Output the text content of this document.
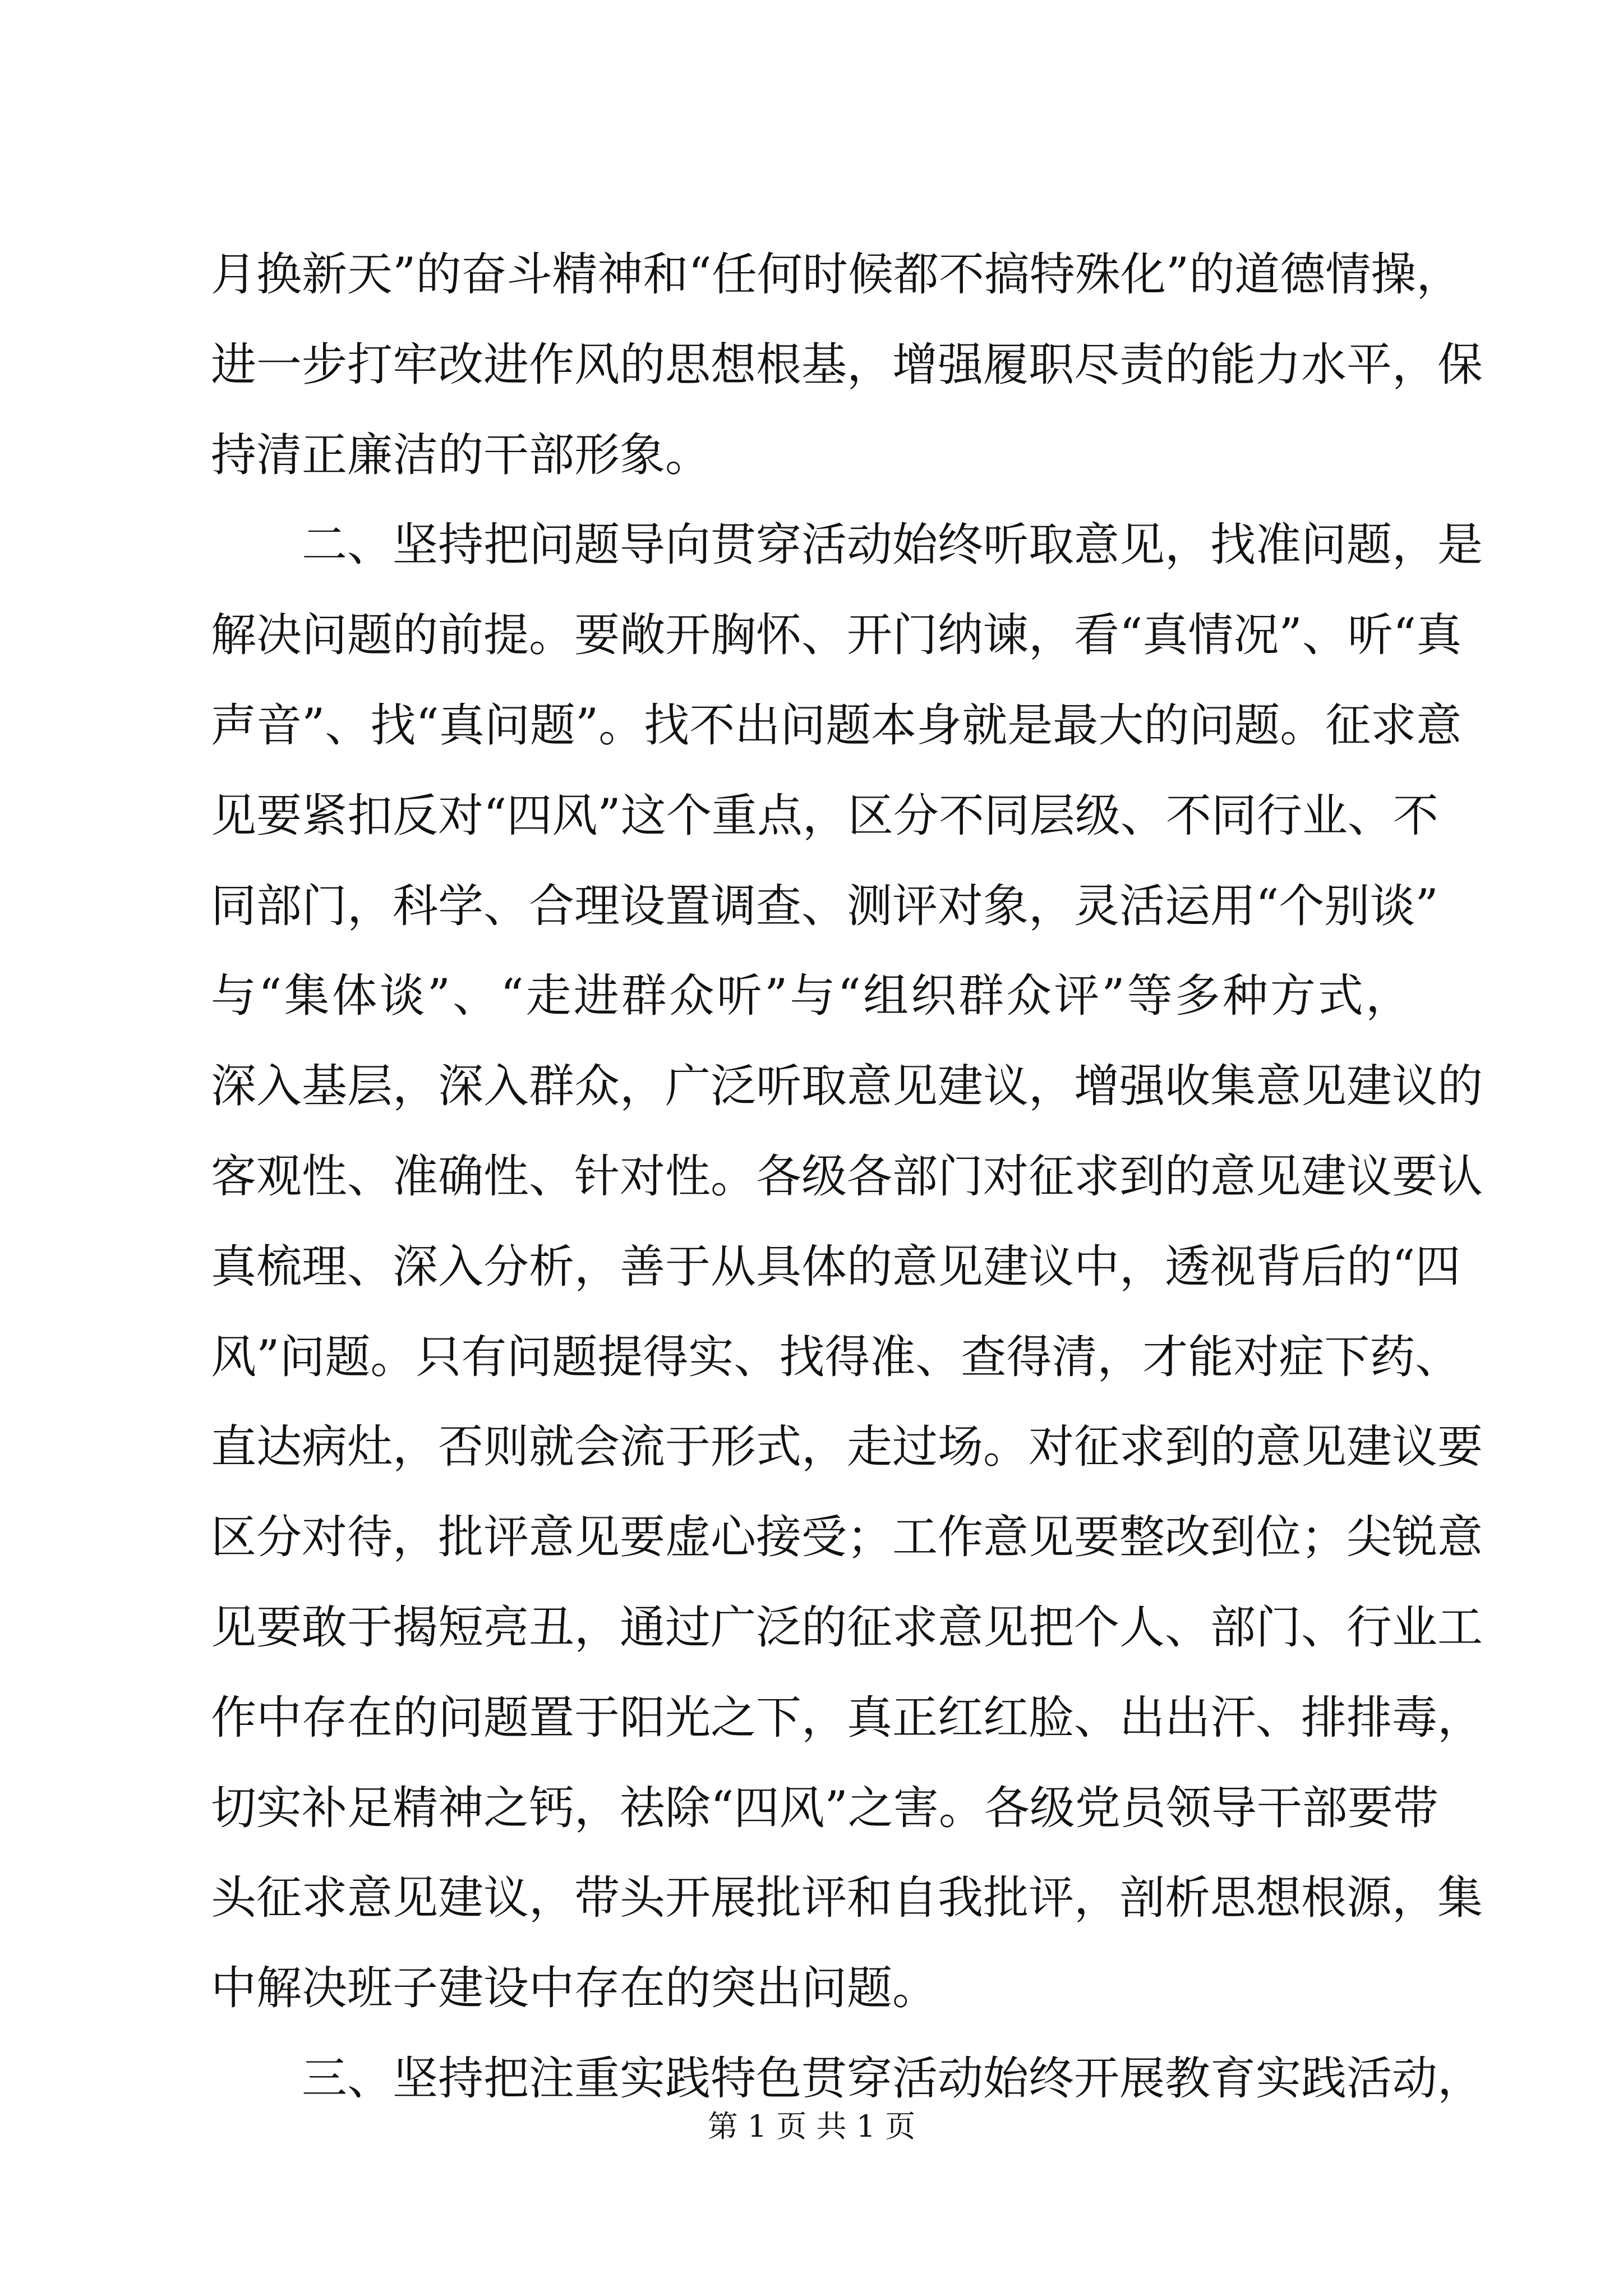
月换新天”的奋斗精神和“任何时候都不搞特殊化”的道德情操，
进一步打牢改进作风的思想根基，增强履职尽责的能力水平，保
持清正廉洁的干部形象。
二、坚持把问题导向贯穿活动始终听取意见，找准问题，是
解决问题的前提。要敞开胸怀、开门纳谏，看“真情况”、听“真
声音”、找“真问题”。找不出问题本身就是最大的问题。征求意
见要紧扣反对“四风”这个重点，区分不同层级、不同行业、不
同部门，科学、合理设置调查、测评对象，灵活运用“个别谈”
与“集体谈”、“走进群众听”与“组织群众评”等多种方式，
深入基层，深入群众，广泛听取意见建议，增强收集意见建议的
客观性、准确性、针对性。各级各部门对征求到的意见建议要认
真梳理、深入分析，善于从具体的意见建议中，透视背后的“四
风”问题。只有问题提得实、找得准、查得清，才能对症下药、
直达病灶，否则就会流于形式，走过场。对征求到的意见建议要
区分对待，批评意见要虚心接受；工作意见要整改到位；尖锐意
见要敢于揭短亮丑，通过广泛的征求意见把个人、部门、行业工
作中存在的问题置于阳光之下，真正红红脸、出出汗、排排毒，
切实补足精神之钙，祛除“四风”之害。各级党员领导干部要带
头征求意见建议，带头开展批评和自我批评，剖析思想根源，集
中解决班子建设中存在的突出问题。
三、坚持把注重实践特色贯穿活动始终开展教育实践活动，
第 1 页 共 1 页
